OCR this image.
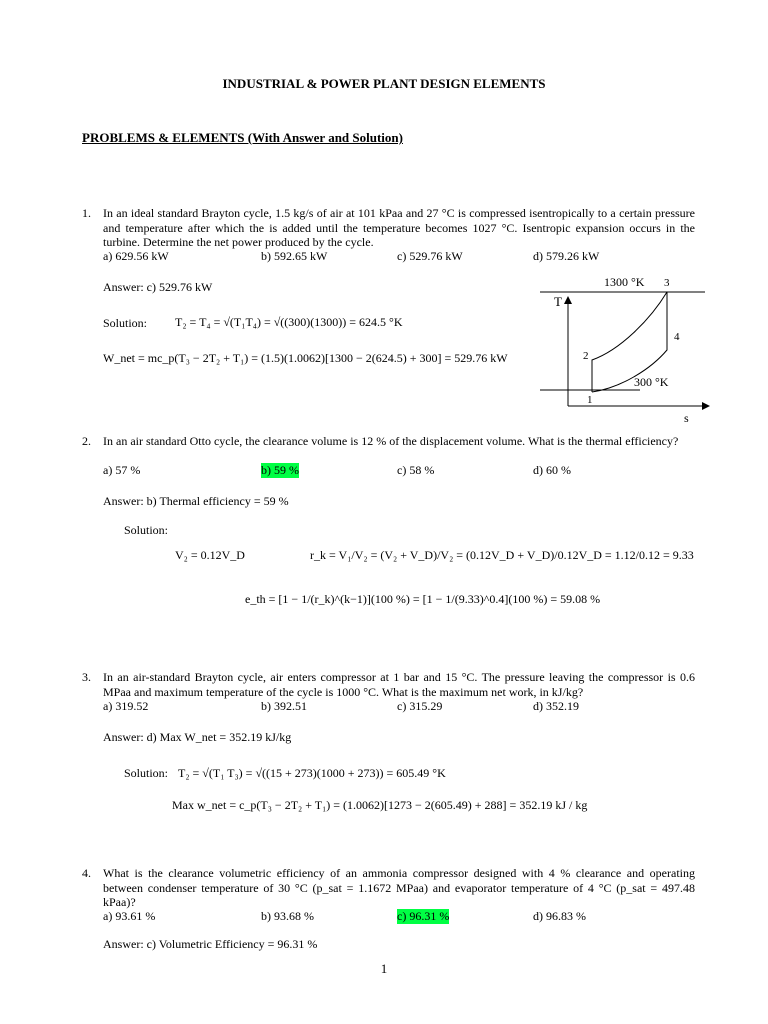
INDUSTRIAL & POWER PLANT DESIGN ELEMENTS
PROBLEMS & ELEMENTS (With Answer and Solution)
1. In an ideal standard Brayton cycle, 1.5 kg/s of air at 101 kPaa and 27 °C is compressed isentropically to a certain pressure and temperature after which the is added until the temperature becomes 1027 °C. Isentropic expansion occurs in the turbine. Determine the net power produced by the cycle.
a) 629.56 kW	b) 592.65 kW	c) 529.76 kW	d) 579.26 kW
Answer: c) 529.76 kW
Solution: T₂ = T₄ = √(T₁T₄) = √((300)(1300)) = 624.5 °K
W_net = mc_p(T₃ − 2T₂ + T₁) = (1.5)(1.0062)[1300 − 2(624.5) + 300] = 529.76 kW
T
s
1300 °K
300 °K
1
2
3
4
2. In an air standard Otto cycle, the clearance volume is 12 % of the displacement volume. What is the thermal efficiency?
a) 57 %	b) 59 %	c) 58 %	d) 60 %
Answer: b) Thermal efficiency = 59 %
Solution:
V₂ = 0.12V_D	r_k = V₁/V₂ = (V₂ + V_D)/V₂ = (0.12V_D + V_D)/0.12V_D = 1.12/0.12 = 9.33
e_th = [1 − 1/(r_k)^(k−1)](100 %) = [1 − 1/(9.33)^0.4](100 %) = 59.08 %
3. In an air-standard Brayton cycle, air enters compressor at 1 bar and 15 °C. The pressure leaving the compressor is 0.6 MPaa and maximum temperature of the cycle is 1000 °C. What is the maximum net work, in kJ/kg?
a) 319.52	b) 392.51	c) 315.29	d) 352.19
Answer: d) Max W_net = 352.19 kJ/kg
Solution: T₂ = √(T₁ T₃) = √((15 + 273)(1000 + 273)) = 605.49 °K
Max w_net = c_p(T₃ − 2T₂ + T₁) = (1.0062)[1273 − 2(605.49) + 288] = 352.19 kJ / kg
4. What is the clearance volumetric efficiency of an ammonia compressor designed with 4 % clearance and operating between condenser temperature of 30 °C (p_sat = 1.1672 MPaa) and evaporator temperature of 4 °C (p_sat = 497.48 kPaa)?
a) 93.61 %	b) 93.68 %	c) 96.31 %	d) 96.83 %
Answer: c) Volumetric Efficiency = 96.31 %
1
